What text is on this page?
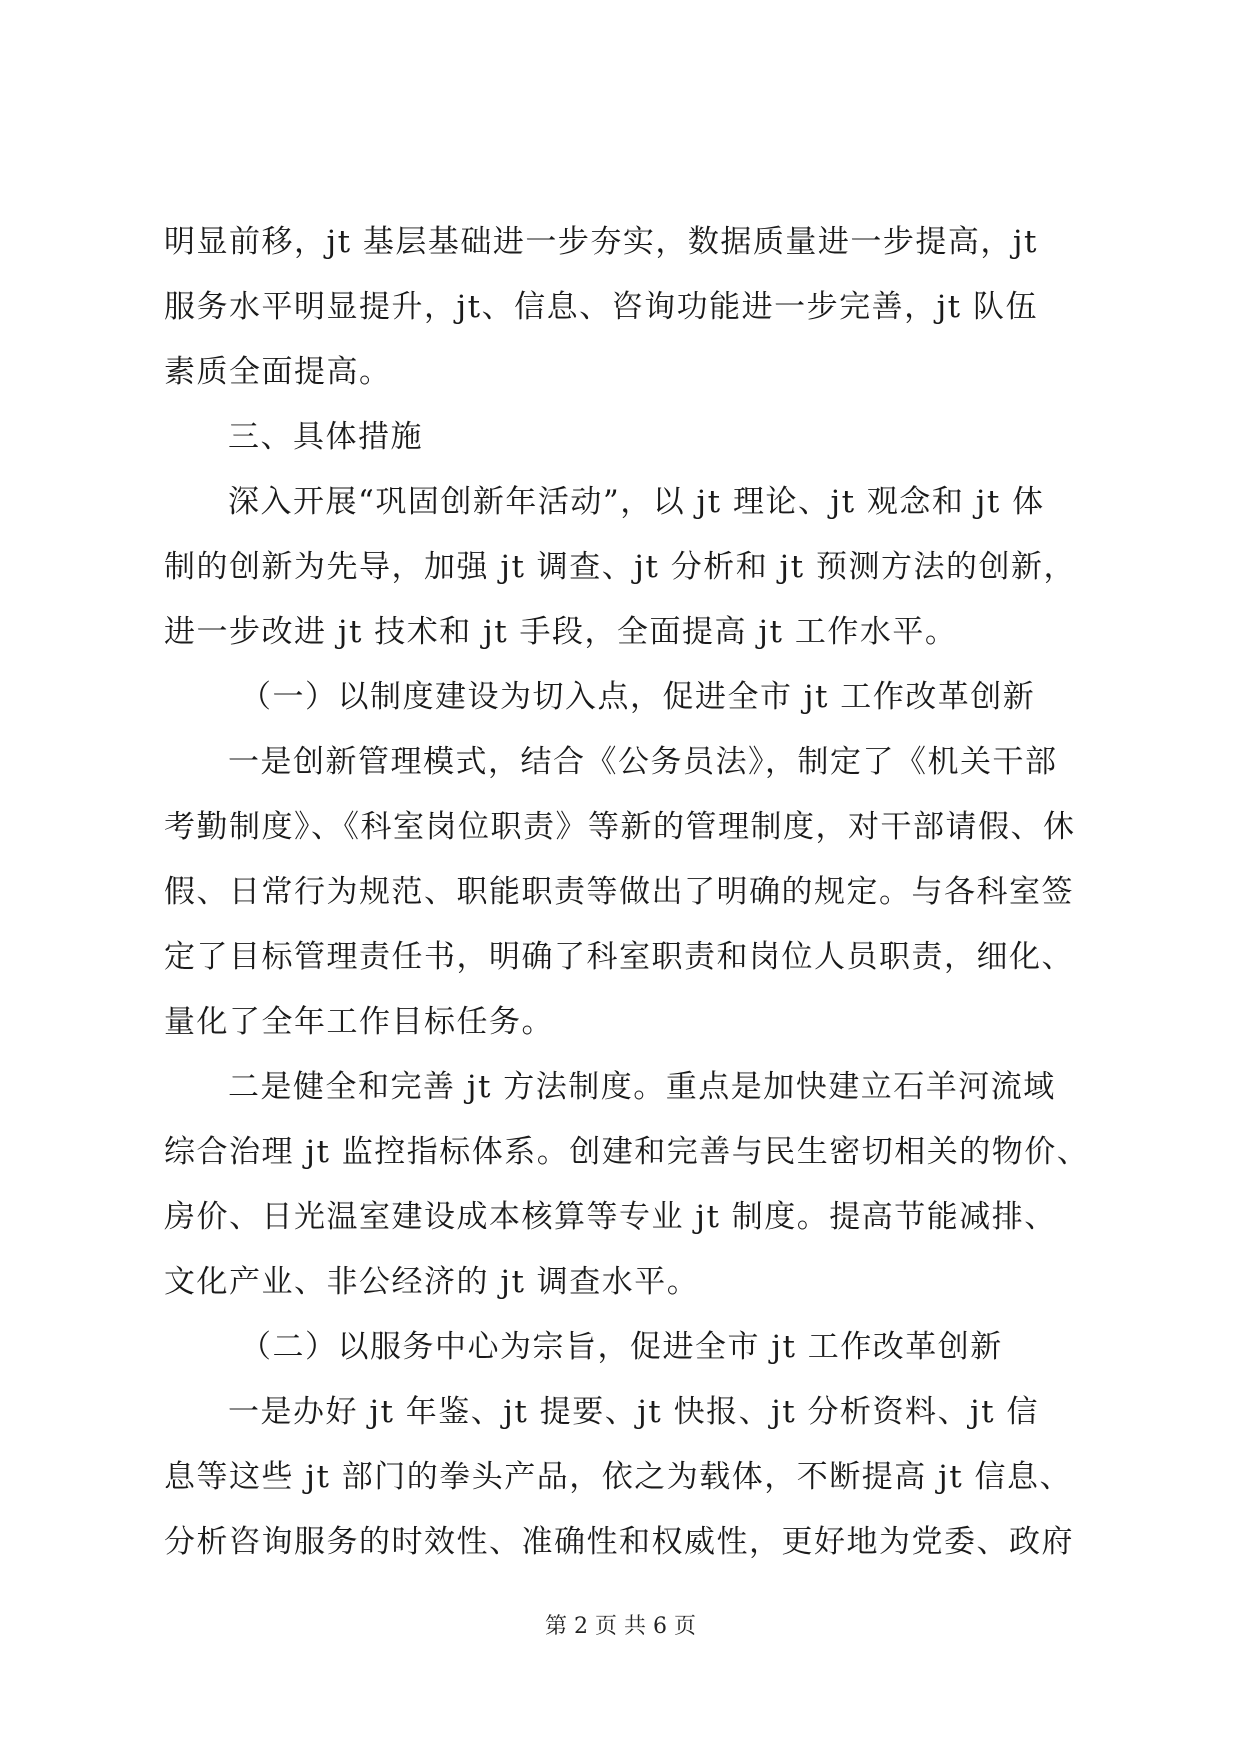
明显前移，jt 基层基础进一步夯实，数据质量进一步提高，jt
服务水平明显提升，jt、信息、咨询功能进一步完善，jt 队伍
素质全面提高。
三、具体措施
深入开展“巩固创新年活动”，以 jt 理论、jt 观念和 jt 体
制的创新为先导，加强 jt 调查、jt 分析和 jt 预测方法的创新，
进一步改进 jt 技术和 jt 手段，全面提高 jt 工作水平。
（一）以制度建设为切入点，促进全市 jt 工作改革创新
一是创新管理模式，结合《公务员法》，制定了《机关干部
考勤制度》、《科室岗位职责》等新的管理制度，对干部请假、休
假、日常行为规范、职能职责等做出了明确的规定。与各科室签
定了目标管理责任书，明确了科室职责和岗位人员职责，细化、
量化了全年工作目标任务。
二是健全和完善 jt 方法制度。重点是加快建立石羊河流域
综合治理 jt 监控指标体系。创建和完善与民生密切相关的物价、
房价、日光温室建设成本核算等专业 jt 制度。提高节能减排、
文化产业、非公经济的 jt 调查水平。
（二）以服务中心为宗旨，促进全市 jt 工作改革创新
一是办好 jt 年鉴、jt 提要、jt 快报、jt 分析资料、jt 信
息等这些 jt 部门的拳头产品，依之为载体，不断提高 jt 信息、
分析咨询服务的时效性、准确性和权威性，更好地为党委、政府
第 2 页 共 6 页
